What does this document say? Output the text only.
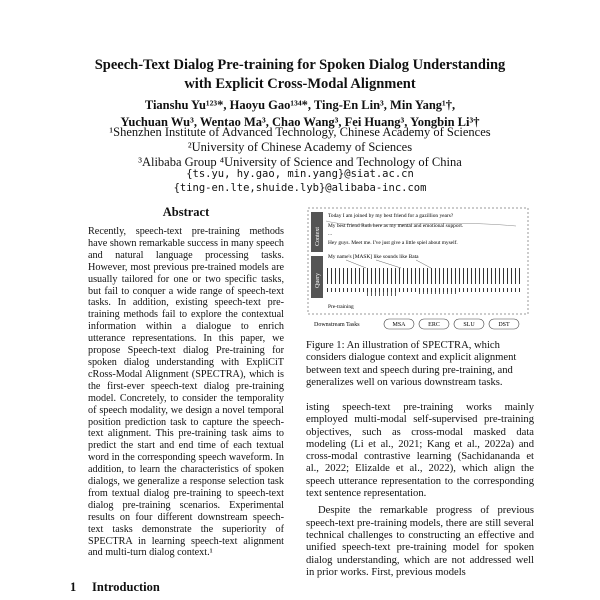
Speech-Text Dialog Pre-training for Spoken Dialog Understanding
with Explicit Cross-Modal Alignment
Tianshu Yu¹²³*, Haoyu Gao¹³⁴*, Ting-En Lin³, Min Yang¹†,
Yuchuan Wu³, Wentao Ma³, Chao Wang³, Fei Huang³, Yongbin Li³†
¹Shenzhen Institute of Advanced Technology, Chinese Academy of Sciences
²University of Chinese Academy of Sciences
³Alibaba Group ⁴University of Science and Technology of China
{ts.yu, hy.gao, min.yang}@siat.ac.cn
{ting-en.lte,shuide.lyb}@alibaba-inc.com
Abstract
Recently, speech-text pre-training methods have shown remarkable success in many speech and natural language processing tasks. However, most previous pre-trained models are usually tailored for one or two specific tasks, but fail to conquer a wide range of speech-text tasks. In addition, existing speech-text pre-training methods fail to explore the contextual information within a dialogue to enrich utterance representations. In this paper, we propose Speech-text dialog Pre-training for spoken dialog understanding with ExpliCiT cRoss-Modal Alignment (SPECTRA), which is the first-ever speech-text dialog pre-training model. Concretely, to consider the temporality of speech modality, we design a novel temporal position prediction task to capture the speech-text alignment. This pre-training task aims to predict the start and end time of each textual word in the corresponding speech waveform. In addition, to learn the characteristics of spoken dialogs, we generalize a response selection task from textual dialog pre-training to speech-text dialog pre-training scenarios. Experimental results on four different downstream speech-text tasks demonstrate the superiority of SPECTRA in learning speech-text alignment and multi-turn dialog context.¹
1 Introduction
Context
Query
Today I am joined by my best friend for a gazillion years?
My best friend Ruth here as my mental and emotional support.
...
Hey guys. Meet me. I've just give a little spiel about myself.
My name's [MASK] like sounds like Bata
Pre-training
Downstream Tasks	MSA	ERC	SLU	DST
Figure 1: An illustration of SPECTRA, which considers dialogue context and explicit alignment between text and speech during pre-training, and generalizes well on various downstream tasks.

isting speech-text pre-training works mainly employed multi-modal self-supervised pre-training objectives, such as cross-modal masked data modeling (Li et al., 2021; Kang et al., 2022a) and cross-modal contrastive learning (Sachidananda et al., 2022; Elizalde et al., 2022), which align the speech utterance representation to the corresponding text sentence representation.

Despite the remarkable progress of previous speech-text pre-training models, there are still several technical challenges to constructing an effective and unified speech-text pre-training model for spoken dialog understanding, which are not addressed well in prior works. First, previous models
